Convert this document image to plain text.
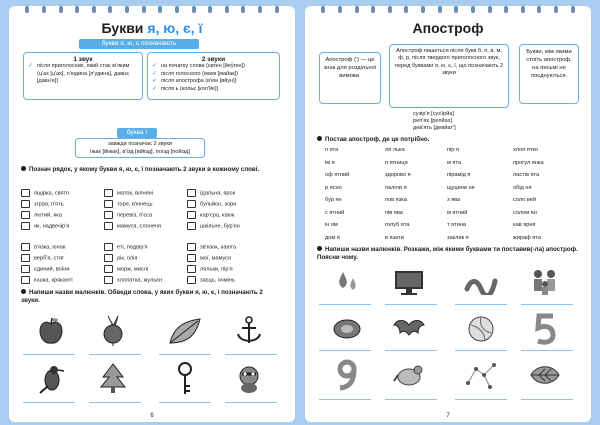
Букви я, ю, є, ї
букви я, ю, є позначають
1 звук
✓ після приголосних, який стає м'яким (ц'ах [ц'ах], л'юдина [л'удина], давнє [давн'е])
2 звуки
✓ на початку слова (євген [йеўген])
✓ після голосного (маяк [майак])
✓ після апострофа (в'юн [вйун])
✓ після ь (кольє [кол'йе])
буква ї
завжди позначає 2 звуки
їжак [йіжак], в'їзд [війізд], поїзд [пойізд]
Познач рядок, у якому букви я, ю, є, ї позначають 2 звуки в кожному слові.
ящірка, свято	маток, вілняні	їдальня, ярок
зграя, п'ять	торе, в'юнець	бульйон, зоря
лютий, яка	перевіз, п'єса	кар'єра, каюк
як, надвечір'я	мамуся, слоненя	шкільне, бур'ян
в'язка, юнак	еті, подвір'я	зв'язок, каюта
верб'я, стяг	рік, олія	мої, мамуся
єдиний, воїни	морж, мислі	ляльки, пір'я
юшка, кряканті	хлопатка, жульєн	заєць, ячмінь
Напиши назви малюнків. Обведи слова, у яких букви я, ю, є, ї позначають 2 звуки.
6
Апостроф
Апостроф (') — це знак для роздільної вимови.
Апостроф пишеться після букв б, п, в, м, ф, р, після твердого приголосного звук, перед буквами я, ю, є, ї, що позначають 2 звуки
Букви, між якими стоїть апостроф, на письмі не поєднуються.
сузір'я [суз'ірйа]
реп'ях [репйах]
дев'ять [девйат']
Постав апостроф, де це потрібно.
п ята	ля лька	пір я	хлоп ятко
ім я	п ятниця	м ята	прогул янка
оф ятний	здорово я	пірамід я	ластів ята
р ясно	паліли я	щуцяни ня	обід ня
бур ян	пов язка	з ява	соло вей
с ятний	пів ява	м ятний	солом ян
ін ям	голуб ята	т ятина	кав ярня
дом я	в язати	заклик я	жираф ята
Напиши назви малюнків. Розкажи, між якими буквами ти поставив(-ла) апостроф. Поясни чому.
7
